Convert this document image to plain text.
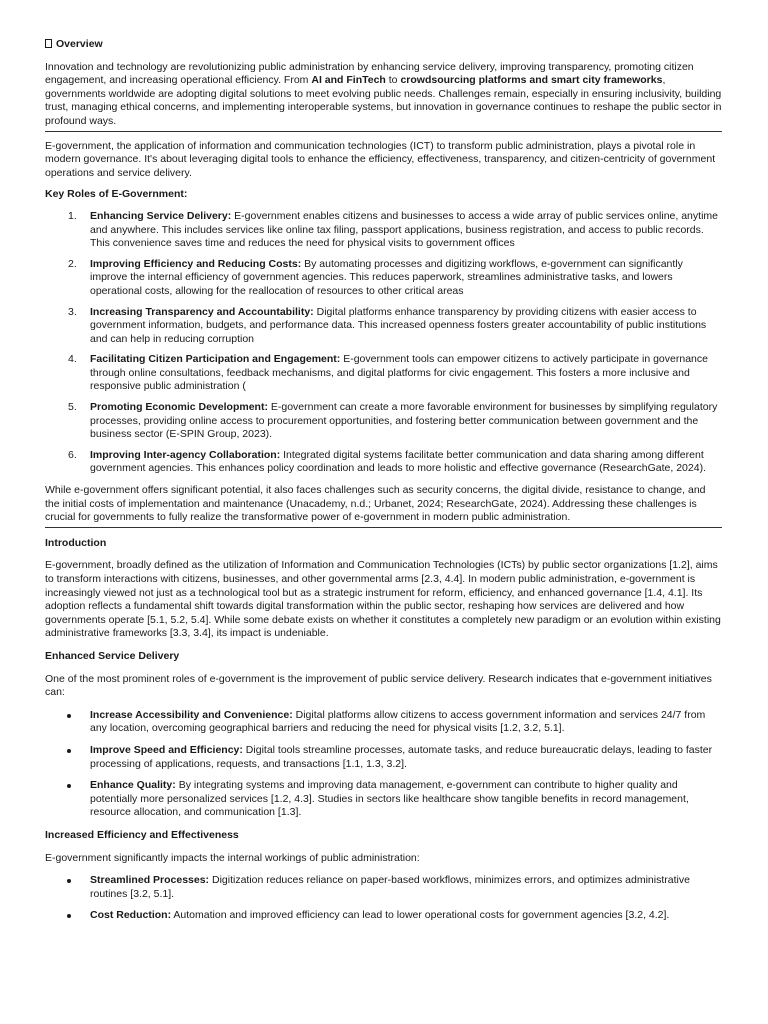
Overview

Innovation and technology are revolutionizing public administration by enhancing service delivery, improving transparency, promoting citizen engagement, and increasing operational efficiency. From AI and FinTech to crowdsourcing platforms and smart city frameworks, governments worldwide are adopting digital solutions to meet evolving public needs. Challenges remain, especially in ensuring inclusivity, building trust, managing ethical concerns, and implementing interoperable systems, but innovation in governance continues to reshape the public sector in profound ways.

E-government, the application of information and communication technologies (ICT) to transform public administration, plays a pivotal role in modern governance. It's about leveraging digital tools to enhance the efficiency, effectiveness, transparency, and citizen-centricity of government operations and service delivery.

Key Roles of E-Government:

1. Enhancing Service Delivery: E-government enables citizens and businesses to access a wide array of public services online, anytime and anywhere. This includes services like online tax filing, passport applications, business registration, and access to public records. This convenience saves time and reduces the need for physical visits to government offices
2. Improving Efficiency and Reducing Costs: By automating processes and digitizing workflows, e-government can significantly improve the internal efficiency of government agencies. This reduces paperwork, streamlines administrative tasks, and lowers operational costs, allowing for the reallocation of resources to other critical areas
3. Increasing Transparency and Accountability: Digital platforms enhance transparency by providing citizens with easier access to government information, budgets, and performance data. This increased openness fosters greater accountability of public institutions and can help in reducing corruption
4. Facilitating Citizen Participation and Engagement: E-government tools can empower citizens to actively participate in governance through online consultations, feedback mechanisms, and digital platforms for civic engagement. This fosters a more inclusive and responsive public administration (
5. Promoting Economic Development: E-government can create a more favorable environment for businesses by simplifying regulatory processes, providing online access to procurement opportunities, and fostering better communication between government and the business sector (E-SPIN Group, 2023).
6. Improving Inter-agency Collaboration: Integrated digital systems facilitate better communication and data sharing among different government agencies. This enhances policy coordination and leads to more holistic and effective governance (ResearchGate, 2024).

While e-government offers significant potential, it also faces challenges such as security concerns, the digital divide, resistance to change, and the initial costs of implementation and maintenance (Unacademy, n.d.; Urbanet, 2024; ResearchGate, 2024). Addressing these challenges is crucial for governments to fully realize the transformative power of e-government in modern public administration.

Introduction

E-government, broadly defined as the utilization of Information and Communication Technologies (ICTs) by public sector organizations [1.2], aims to transform interactions with citizens, businesses, and other governmental arms [2.3, 4.4]. In modern public administration, e-government is increasingly viewed not just as a technological tool but as a strategic instrument for reform, efficiency, and enhanced governance [1.4, 4.1]. Its adoption reflects a fundamental shift towards digital transformation within the public sector, reshaping how services are delivered and how governments operate [5.1, 5.2, 5.4]. While some debate exists on whether it constitutes a completely new paradigm or an evolution within existing administrative frameworks [3.3, 3.4], its impact is undeniable.

Enhanced Service Delivery

One of the most prominent roles of e-government is the improvement of public service delivery. Research indicates that e-government initiatives can:

Increase Accessibility and Convenience: Digital platforms allow citizens to access government information and services 24/7 from any location, overcoming geographical barriers and reducing the need for physical visits [1.2, 3.2, 5.1].
Improve Speed and Efficiency: Digital tools streamline processes, automate tasks, and reduce bureaucratic delays, leading to faster processing of applications, requests, and transactions [1.1, 1.3, 3.2].
Enhance Quality: By integrating systems and improving data management, e-government can contribute to higher quality and potentially more personalized services [1.2, 4.3]. Studies in sectors like healthcare show tangible benefits in record management, resource allocation, and communication [1.3].

Increased Efficiency and Effectiveness

E-government significantly impacts the internal workings of public administration:

Streamlined Processes: Digitization reduces reliance on paper-based workflows, minimizes errors, and optimizes administrative routines [3.2, 5.1].
Cost Reduction: Automation and improved efficiency can lead to lower operational costs for government agencies [3.2, 4.2].
